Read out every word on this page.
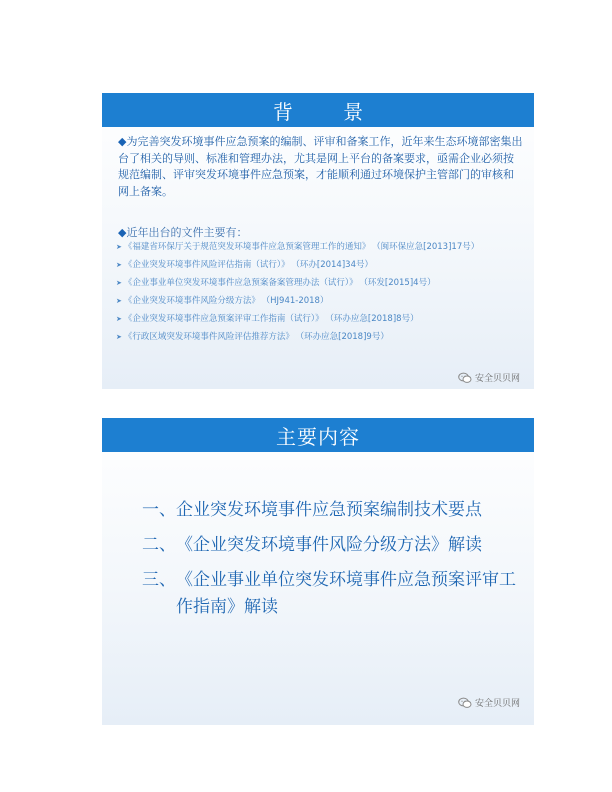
背 景
◆为完善突发环境事件应急预案的编制、评审和备案工作，近年来生态环境部密集出台了相关的导则、标准和管理办法，尤其是网上平台的备案要求，亟需企业必须按规范编制、评审突发环境事件应急预案，才能顺利通过环境保护主管部门的审核和网上备案。
◆近年出台的文件主要有：
➤ 《福建省环保厅关于规范突发环境事件应急预案管理工作的通知》 （闽环保应急[2013]17号）
➤ 《企业突发环境事件风险评估指南（试行）》 （环办[2014]34号）
➤ 《企业事业单位突发环境事件应急预案备案管理办法（试行）》 （环发[2015]4号）
➤ 《企业突发环境事件风险分级方法》 （HJ941-2018）
➤ 《企业突发环境事件应急预案评审工作指南（试行）》 （环办应急[2018]8号）
➤ 《行政区域突发环境事件风险评估推荐方法》 （环办应急[2018]9号）
安全贝贝网
主要内容
一、 企业突发环境事件应急预案编制技术要点
二、 《企业突发环境事件风险分级方法》解读
三、 《企业事业单位突发环境事件应急预案评审工作指南》解读
安全贝贝网
